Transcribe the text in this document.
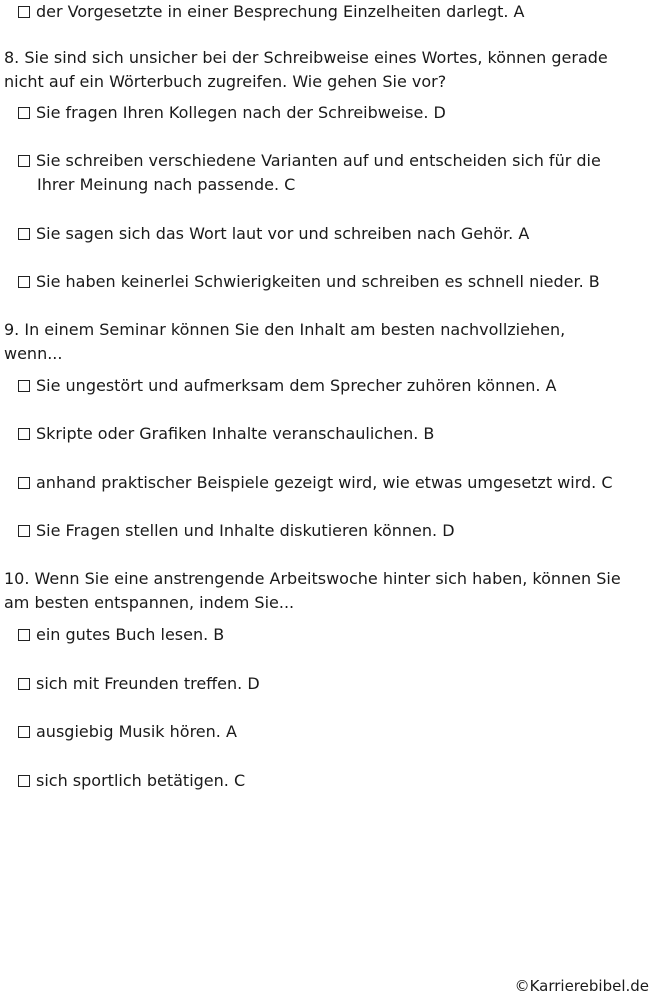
der Vorgesetzte in einer Besprechung Einzelheiten darlegt. A
8. Sie sind sich unsicher bei der Schreibweise eines Wortes, können gerade
nicht auf ein Wörterbuch zugreifen. Wie gehen Sie vor?
Sie fragen Ihren Kollegen nach der Schreibweise. D
Sie schreiben verschiedene Varianten auf und entscheiden sich für die
Ihrer Meinung nach passende. C
Sie sagen sich das Wort laut vor und schreiben nach Gehör. A
Sie haben keinerlei Schwierigkeiten und schreiben es schnell nieder. B
9. In einem Seminar können Sie den Inhalt am besten nachvollziehen,
wenn...
Sie ungestört und aufmerksam dem Sprecher zuhören können. A
Skripte oder Grafiken Inhalte veranschaulichen. B
anhand praktischer Beispiele gezeigt wird, wie etwas umgesetzt wird. C
Sie Fragen stellen und Inhalte diskutieren können. D
10. Wenn Sie eine anstrengende Arbeitswoche hinter sich haben, können Sie
am besten entspannen, indem Sie...
ein gutes Buch lesen. B
sich mit Freunden treffen. D
ausgiebig Musik hören. A
sich sportlich betätigen. C
©Karrierebibel.de
